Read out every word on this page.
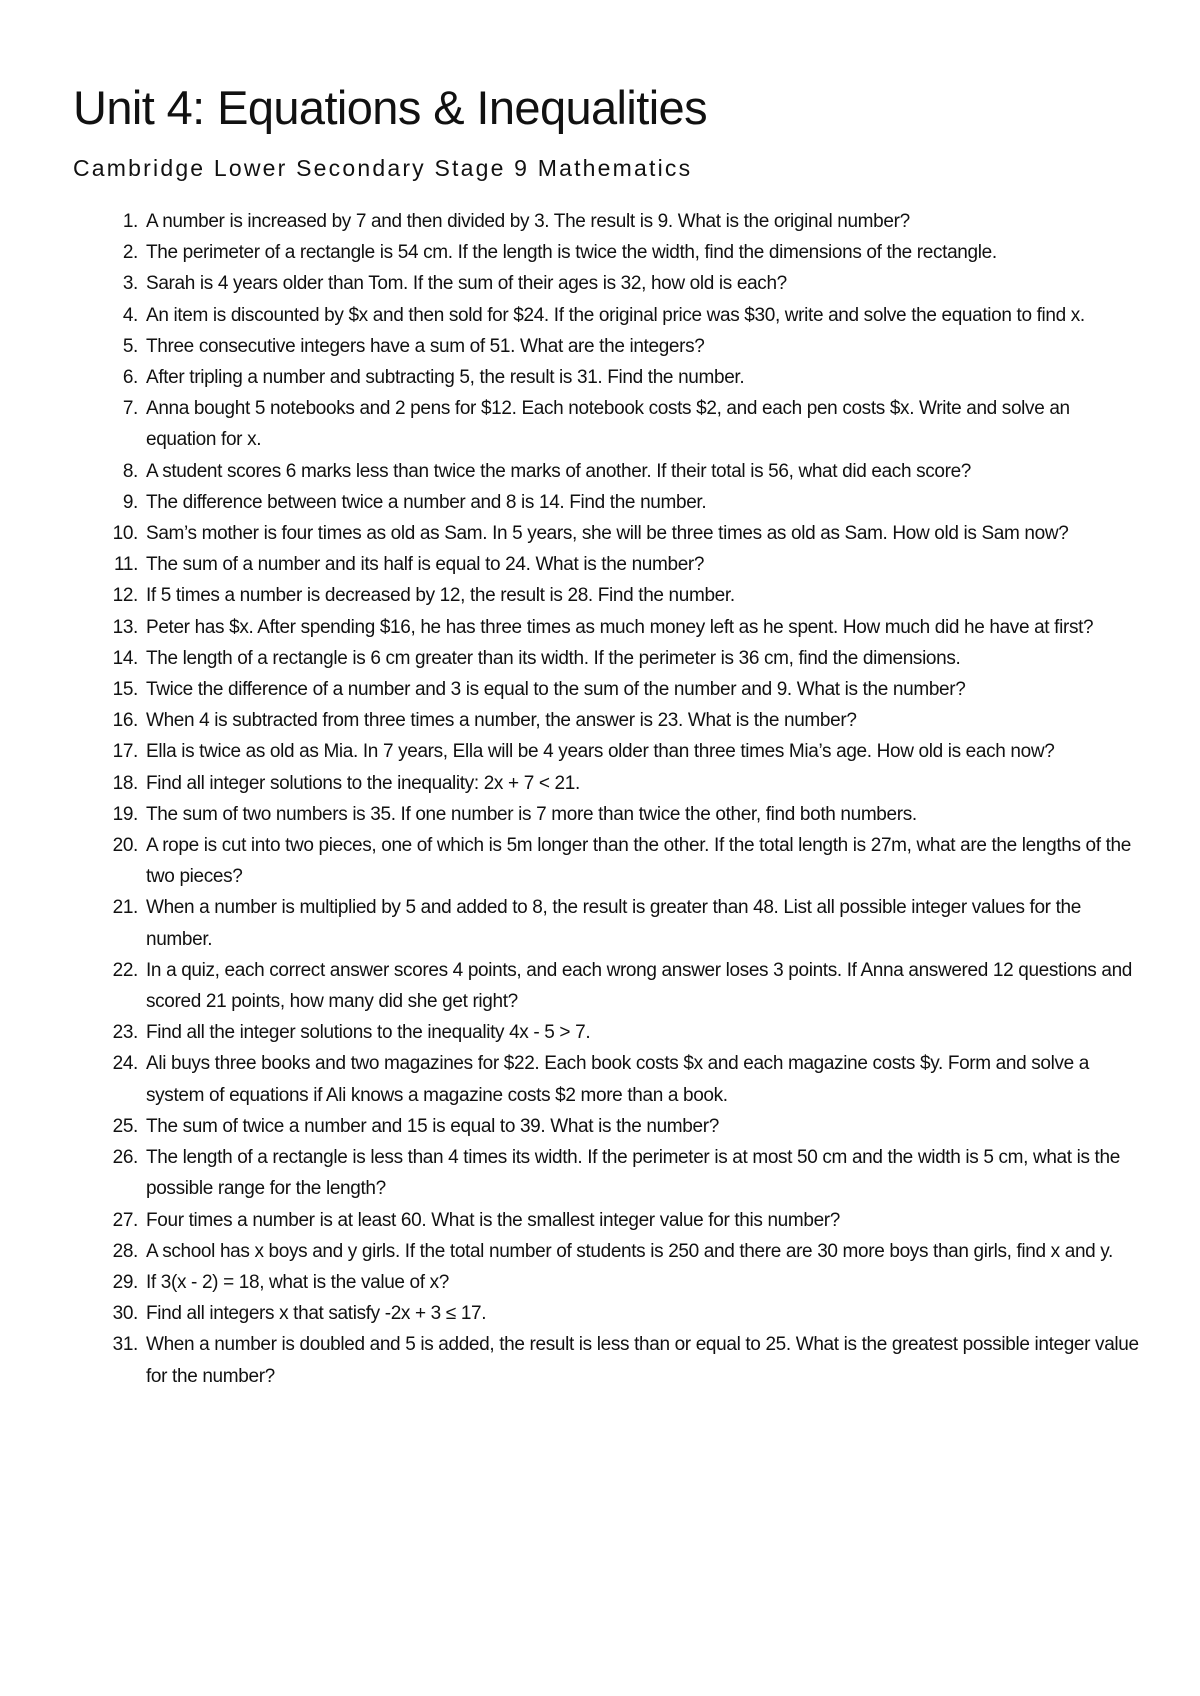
Unit 4: Equations & Inequalities
Cambridge Lower Secondary Stage 9 Mathematics
1. A number is increased by 7 and then divided by 3. The result is 9. What is the original number?
2. The perimeter of a rectangle is 54 cm. If the length is twice the width, find the dimensions of the rectangle.
3. Sarah is 4 years older than Tom. If the sum of their ages is 32, how old is each?
4. An item is discounted by $x and then sold for $24. If the original price was $30, write and solve the equation to find x.
5. Three consecutive integers have a sum of 51. What are the integers?
6. After tripling a number and subtracting 5, the result is 31. Find the number.
7. Anna bought 5 notebooks and 2 pens for $12. Each notebook costs $2, and each pen costs $x. Write and solve an equation for x.
8. A student scores 6 marks less than twice the marks of another. If their total is 56, what did each score?
9. The difference between twice a number and 8 is 14. Find the number.
10. Sam’s mother is four times as old as Sam. In 5 years, she will be three times as old as Sam. How old is Sam now?
11. The sum of a number and its half is equal to 24. What is the number?
12. If 5 times a number is decreased by 12, the result is 28. Find the number.
13. Peter has $x. After spending $16, he has three times as much money left as he spent. How much did he have at first?
14. The length of a rectangle is 6 cm greater than its width. If the perimeter is 36 cm, find the dimensions.
15. Twice the difference of a number and 3 is equal to the sum of the number and 9. What is the number?
16. When 4 is subtracted from three times a number, the answer is 23. What is the number?
17. Ella is twice as old as Mia. In 7 years, Ella will be 4 years older than three times Mia’s age. How old is each now?
18. Find all integer solutions to the inequality: 2x + 7 < 21.
19. The sum of two numbers is 35. If one number is 7 more than twice the other, find both numbers.
20. A rope is cut into two pieces, one of which is 5m longer than the other. If the total length is 27m, what are the lengths of the two pieces?
21. When a number is multiplied by 5 and added to 8, the result is greater than 48. List all possible integer values for the number.
22. In a quiz, each correct answer scores 4 points, and each wrong answer loses 3 points. If Anna answered 12 questions and scored 21 points, how many did she get right?
23. Find all the integer solutions to the inequality 4x - 5 > 7.
24. Ali buys three books and two magazines for $22. Each book costs $x and each magazine costs $y. Form and solve a system of equations if Ali knows a magazine costs $2 more than a book.
25. The sum of twice a number and 15 is equal to 39. What is the number?
26. The length of a rectangle is less than 4 times its width. If the perimeter is at most 50 cm and the width is 5 cm, what is the possible range for the length?
27. Four times a number is at least 60. What is the smallest integer value for this number?
28. A school has x boys and y girls. If the total number of students is 250 and there are 30 more boys than girls, find x and y.
29. If 3(x - 2) = 18, what is the value of x?
30. Find all integers x that satisfy -2x + 3 ≤ 17.
31. When a number is doubled and 5 is added, the result is less than or equal to 25. What is the greatest possible integer value for the number?
